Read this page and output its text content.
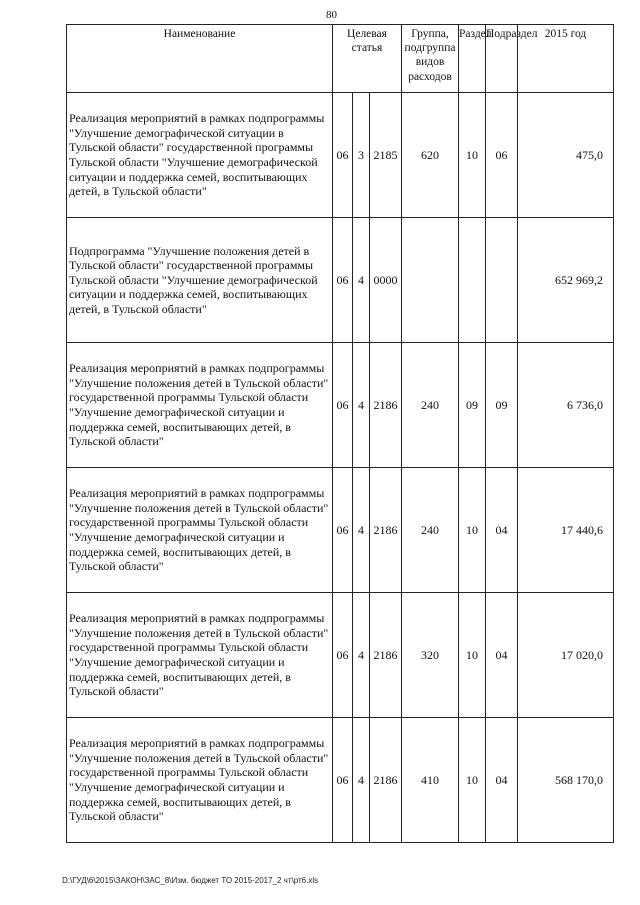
80
Наименование	Целевая статья			Группа, подгруппа видов расходов	Раздел	Подраздел	2015 год
Реализация мероприятий в рамках подпрограммы "Улучшение демографической ситуации в Тульской области" государственной программы Тульской области "Улучшение демографической ситуации и поддержка семей, воспитывающих детей, в Тульской области"	06	3	2185	620	10	06	475,0
Подпрограмма "Улучшение положения детей в Тульской области" государственной программы Тульской области "Улучшение демографической ситуации и поддержка семей, воспитывающих детей, в Тульской области"	06	4	0000				652 969,2
Реализация мероприятий в рамках подпрограммы "Улучшение положения детей в Тульской области" государственной программы Тульской области "Улучшение демографической ситуации и поддержка семей, воспитывающих детей, в Тульской области"	06	4	2186	240	09	09	6 736,0
Реализация мероприятий в рамках подпрограммы "Улучшение положения детей в Тульской области" государственной программы Тульской области "Улучшение демографической ситуации и поддержка семей, воспитывающих детей, в Тульской области"	06	4	2186	240	10	04	17 440,6
Реализация мероприятий в рамках подпрограммы "Улучшение положения детей в Тульской области" государственной программы Тульской области "Улучшение демографической ситуации и поддержка семей, воспитывающих детей, в Тульской области"	06	4	2186	320	10	04	17 020,0
Реализация мероприятий в рамках подпрограммы "Улучшение положения детей в Тульской области" государственной программы Тульской области "Улучшение демографической ситуации и поддержка семей, воспитывающих детей, в Тульской области"	06	4	2186	410	10	04	568 170,0
D:\ГУД\6\2015\ЗАКОН\ЗАС_8\Изм. бюджет ТО 2015-2017_2 чт\рт6.xls
